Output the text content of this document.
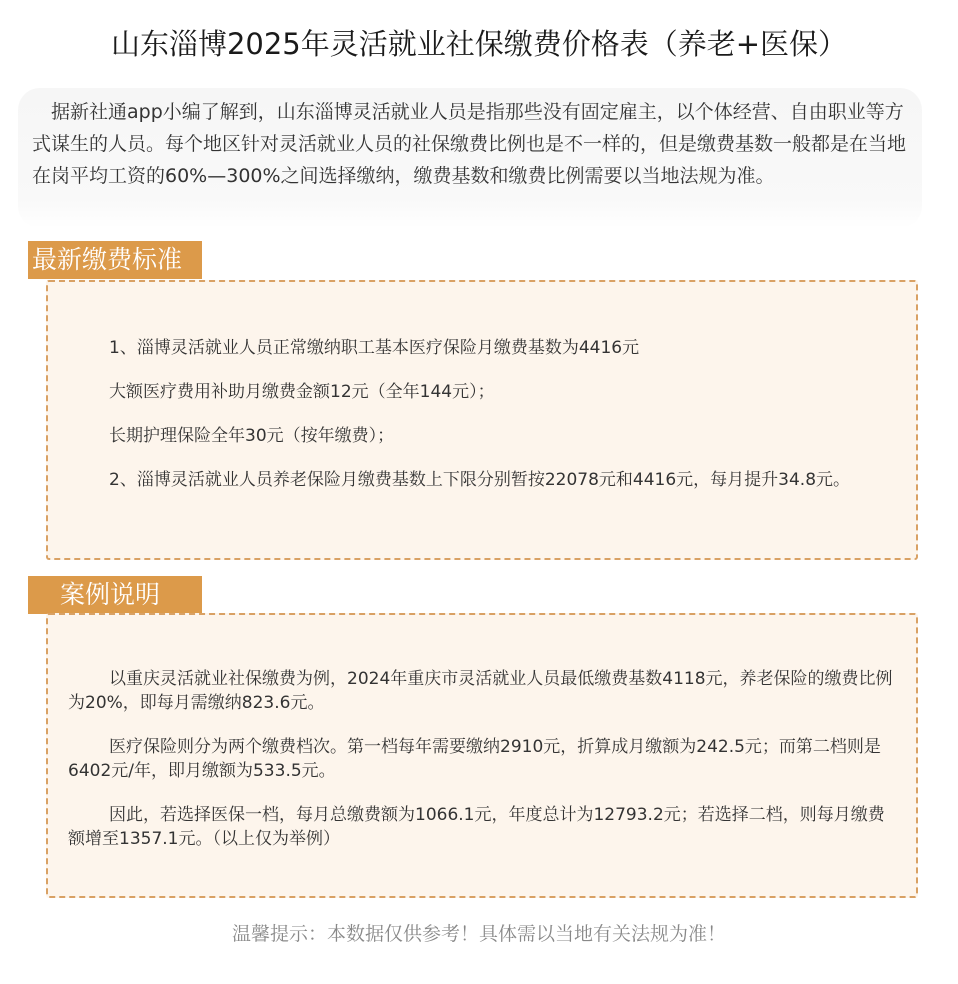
山东淄博2025年灵活就业社保缴费价格表（养老+医保）

据新社通app小编了解到，山东淄博灵活就业人员是指那些没有固定雇主，以个体经营、自由职业等方式谋生的人员。每个地区针对灵活就业人员的社保缴费比例也是不一样的，但是缴费基数一般都是在当地在岗平均工资的60%—300%之间选择缴纳，缴费基数和缴费比例需要以当地法规为准。

最新缴费标准

1、淄博灵活就业人员正常缴纳职工基本医疗保险月缴费基数为4416元

大额医疗费用补助月缴费金额12元（全年144元）；

长期护理保险全年30元（按年缴费）；

2、淄博灵活就业人员养老保险月缴费基数上下限分别暂按22078元和4416元，每月提升34.8元。

案例说明

以重庆灵活就业社保缴费为例，2024年重庆市灵活就业人员最低缴费基数4118元，养老保险的缴费比例为20%，即每月需缴纳823.6元。

医疗保险则分为两个缴费档次。第一档每年需要缴纳2910元，折算成月缴额为242.5元；而第二档则是6402元/年，即月缴额为533.5元。

因此，若选择医保一档，每月总缴费额为1066.1元，年度总计为12793.2元；若选择二档，则每月缴费额增至1357.1元。（以上仅为举例）

温馨提示：本数据仅供参考！具体需以当地有关法规为准！
